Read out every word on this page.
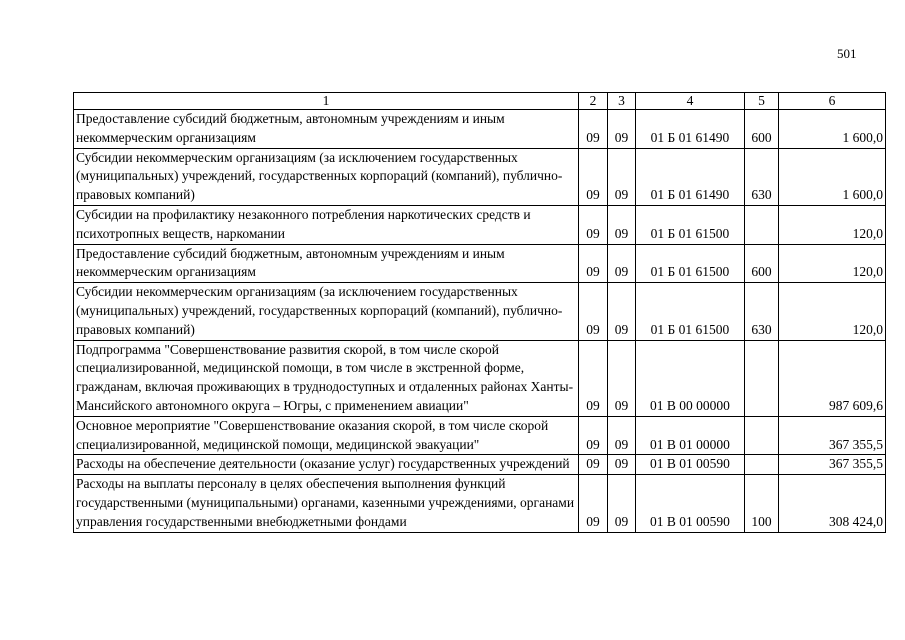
501
1	2	3	4	5	6
Предоставление субсидий бюджетным, автономным учреждениям и иным некоммерческим организациям	09	09	01 Б 01 61490	600	1 600,0
Субсидии некоммерческим организациям (за исключением государственных (муниципальных) учреждений, государственных корпораций (компаний), публично-правовых компаний)	09	09	01 Б 01 61490	630	1 600,0
Субсидии на профилактику незаконного потребления наркотических средств и психотропных веществ, наркомании	09	09	01 Б 01 61500		120,0
Предоставление субсидий бюджетным, автономным учреждениям и иным некоммерческим организациям	09	09	01 Б 01 61500	600	120,0
Субсидии некоммерческим организациям (за исключением государственных (муниципальных) учреждений, государственных корпораций (компаний), публично-правовых компаний)	09	09	01 Б 01 61500	630	120,0
Подпрограмма "Совершенствование развития скорой, в том числе скорой специализированной, медицинской помощи, в том числе в экстренной форме, гражданам, включая проживающих в труднодоступных и отдаленных районах Ханты-Мансийского автономного округа – Югры, с применением авиации"	09	09	01 В 00 00000		987 609,6
Основное мероприятие "Совершенствование оказания скорой, в том числе скорой специализированной, медицинской помощи, медицинской эвакуации"	09	09	01 В 01 00000		367 355,5
Расходы на обеспечение деятельности (оказание услуг) государственных учреждений	09	09	01 В 01 00590		367 355,5
Расходы на выплаты персоналу в целях обеспечения выполнения функций государственными (муниципальными) органами, казенными учреждениями, органами управления государственными внебюджетными фондами	09	09	01 В 01 00590	100	308 424,0
